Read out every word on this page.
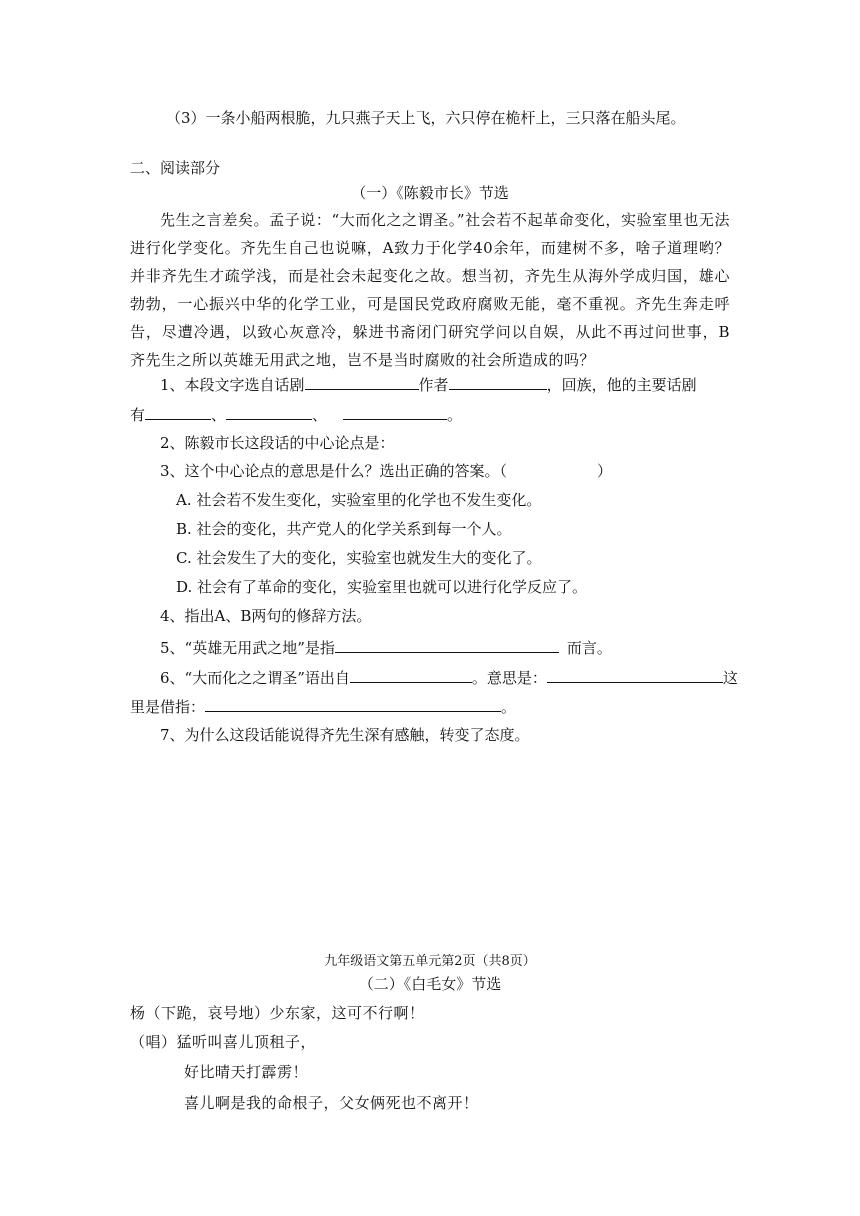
（3）一条小船两根脆，九只燕子天上飞，六只停在桅杆上，三只落在船头尾。
二、阅读部分
（一）《陈毅市长》节选
先生之言差矣。孟子说：“大而化之之谓圣。”社会若不起革命变化，实验室里也无法进行化学变化。齐先生自己也说嘛，A致力于化学40余年，而建树不多，啥子道理哟？并非齐先生才疏学浅，而是社会未起变化之故。想当初，齐先生从海外学成归国，雄心勃勃，一心振兴中华的化学工业，可是国民党政府腐败无能，毫不重视。齐先生奔走呼告，尽遭冷遇，以致心灰意冷，躲进书斋闭门研究学问以自娱，从此不再过问世事，B齐先生之所以英雄无用武之地，岂不是当时腐败的社会所造成的吗？
1、本段文字选自话剧	作者	，回族，他的主要话剧
有	、	、	。
2、陈毅市长这段话的中心论点是：
3、这个中心论点的意思是什么？选出正确的答案。（　　　　　　）
A. 社会若不发生变化，实验室里的化学也不发生变化。
B. 社会的变化，共产党人的化学关系到每一个人。
C. 社会发生了大的变化，实验室也就发生大的变化了。
D. 社会有了革命的变化，实验室里也就可以进行化学反应了。
4、指出A、B两句的修辞方法。
5、“英雄无用武之地”是指	而言。
6、“大而化之之谓圣”语出自	。意思是：	这
里是借指：	。
7、为什么这段话能说得齐先生深有感触，转变了态度。
九年级语文第五单元第2页（共8页）
（二）《白毛女》节选
杨（下跪，哀号地）少东家，这可不行啊！
（唱）猛听叫喜儿顶租子，
好比晴天打霹雳！
喜儿啊是我的命根子，父女俩死也不离开！
